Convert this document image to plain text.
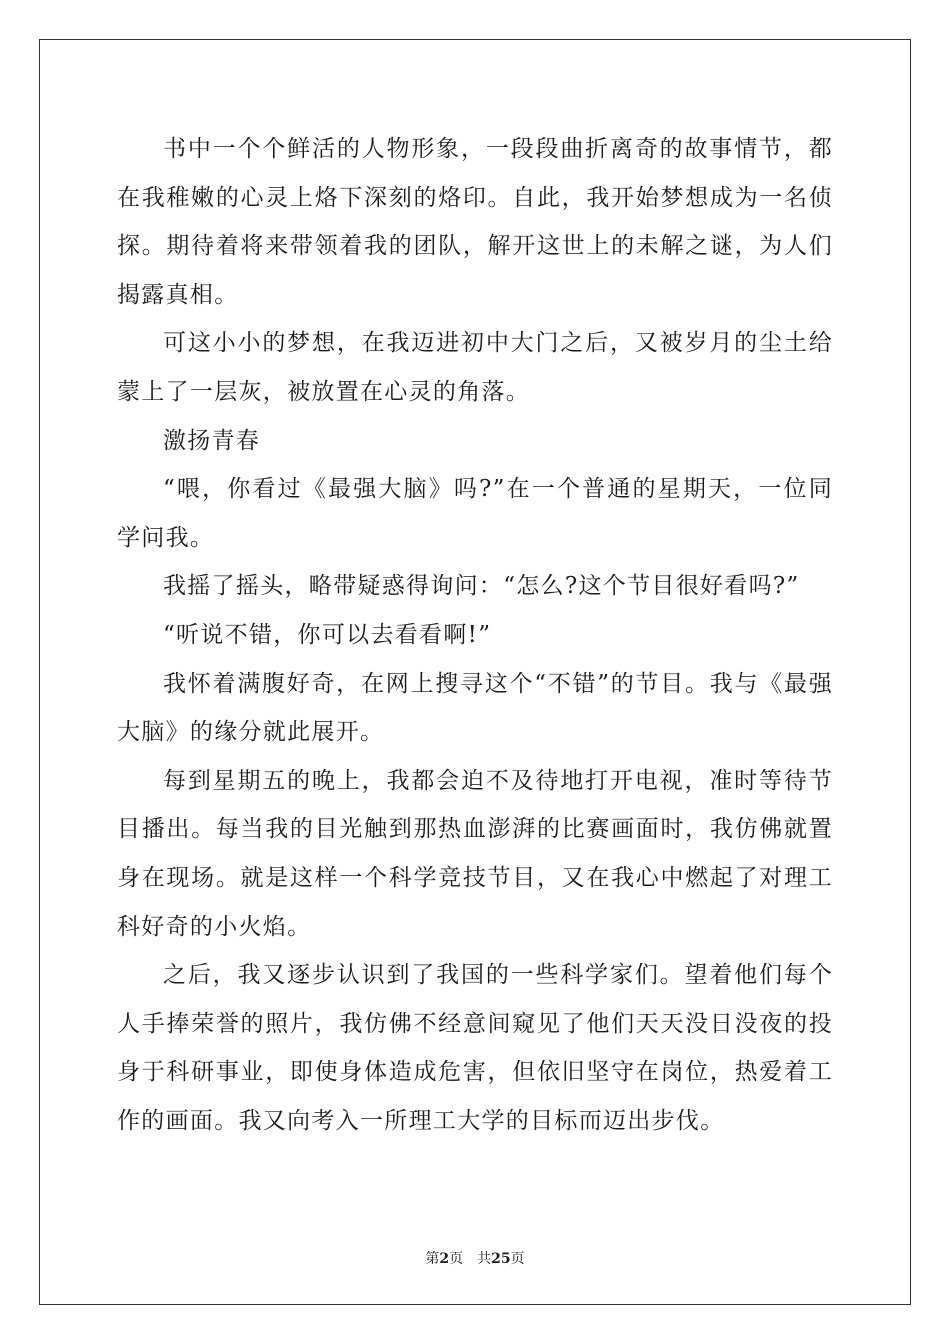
书中一个个鲜活的人物形象，一段段曲折离奇的故事情节，都在我稚嫩的心灵上烙下深刻的烙印。自此，我开始梦想成为一名侦探。期待着将来带领着我的团队，解开这世上的未解之谜，为人们揭露真相。

可这小小的梦想，在我迈进初中大门之后，又被岁月的尘土给蒙上了一层灰，被放置在心灵的角落。

激扬青春

“喂，你看过《最强大脑》吗?”在一个普通的星期天，一位同学问我。

我摇了摇头，略带疑惑得询问：“怎么?这个节目很好看吗?”

“听说不错，你可以去看看啊!”

我怀着满腹好奇，在网上搜寻这个“不错”的节目。我与《最强大脑》的缘分就此展开。

每到星期五的晚上，我都会迫不及待地打开电视，准时等待节目播出。每当我的目光触到那热血澎湃的比赛画面时，我仿佛就置身在现场。就是这样一个科学竞技节目，又在我心中燃起了对理工科好奇的小火焰。

之后，我又逐步认识到了我国的一些科学家们。望着他们每个人手捧荣誉的照片，我仿佛不经意间窥见了他们天天没日没夜的投身于科研事业，即使身体造成危害，但依旧坚守在岗位，热爱着工作的画面。我又向考入一所理工大学的目标而迈出步伐。

第2页 共25页
